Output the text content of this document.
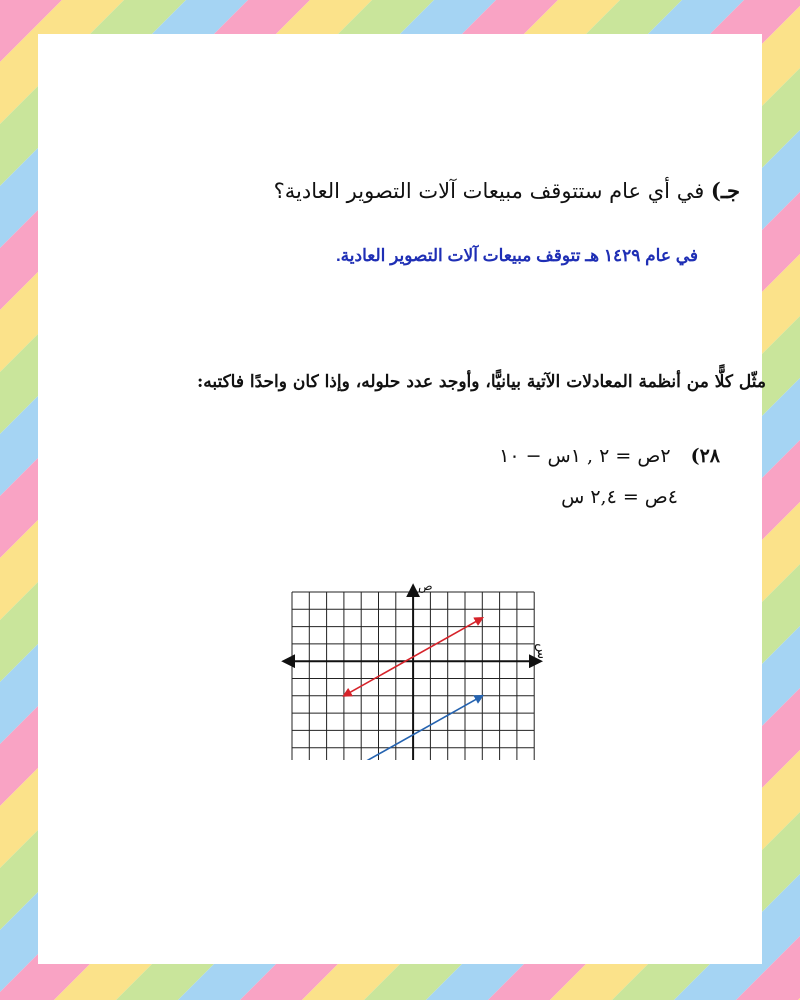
جـ) في أي عام ستتوقف مبيعات آلات التصوير العادية؟
في عام ١٤٢٩ هـ تتوقف مبيعات آلات التصوير العادية.
مثّل كلًّا من أنظمة المعادلات الآتية بيانيًّا، وأوجد عدد حلوله، وإذا كان واحدًا فاكتبه:
٢٨) ٢ص = ٢ , ١س − ١٠
٤ص = ٢,٤ س
س
ص
